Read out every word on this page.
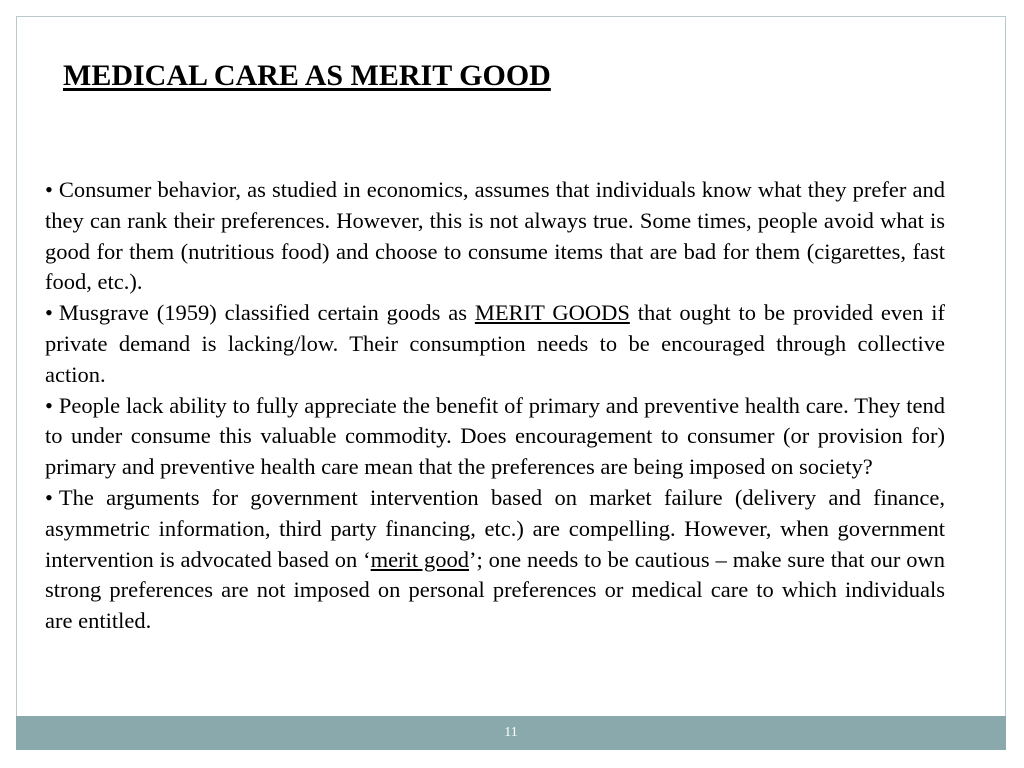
MEDICAL CARE AS MERIT GOOD
• Consumer behavior, as studied in economics, assumes that individuals know what they prefer and they can rank their preferences. However, this is not always true. Some times, people avoid what is good for them (nutritious food) and choose to consume items that are bad for them (cigarettes, fast food, etc.).
• Musgrave (1959) classified certain goods as MERIT GOODS that ought to be provided even if private demand is lacking/low. Their consumption needs to be encouraged through collective action.
• People lack ability to fully appreciate the benefit of primary and preventive health care. They tend to under consume this valuable commodity. Does encouragement to consumer (or provision for) primary and preventive health care mean that the preferences are being imposed on society?
• The arguments for government intervention based on market failure (delivery and finance, asymmetric information, third party financing, etc.) are compelling. However, when government intervention is advocated based on ‘merit good’; one needs to be cautious – make sure that our own strong preferences are not imposed on personal preferences or medical care to which individuals are entitled.
11
